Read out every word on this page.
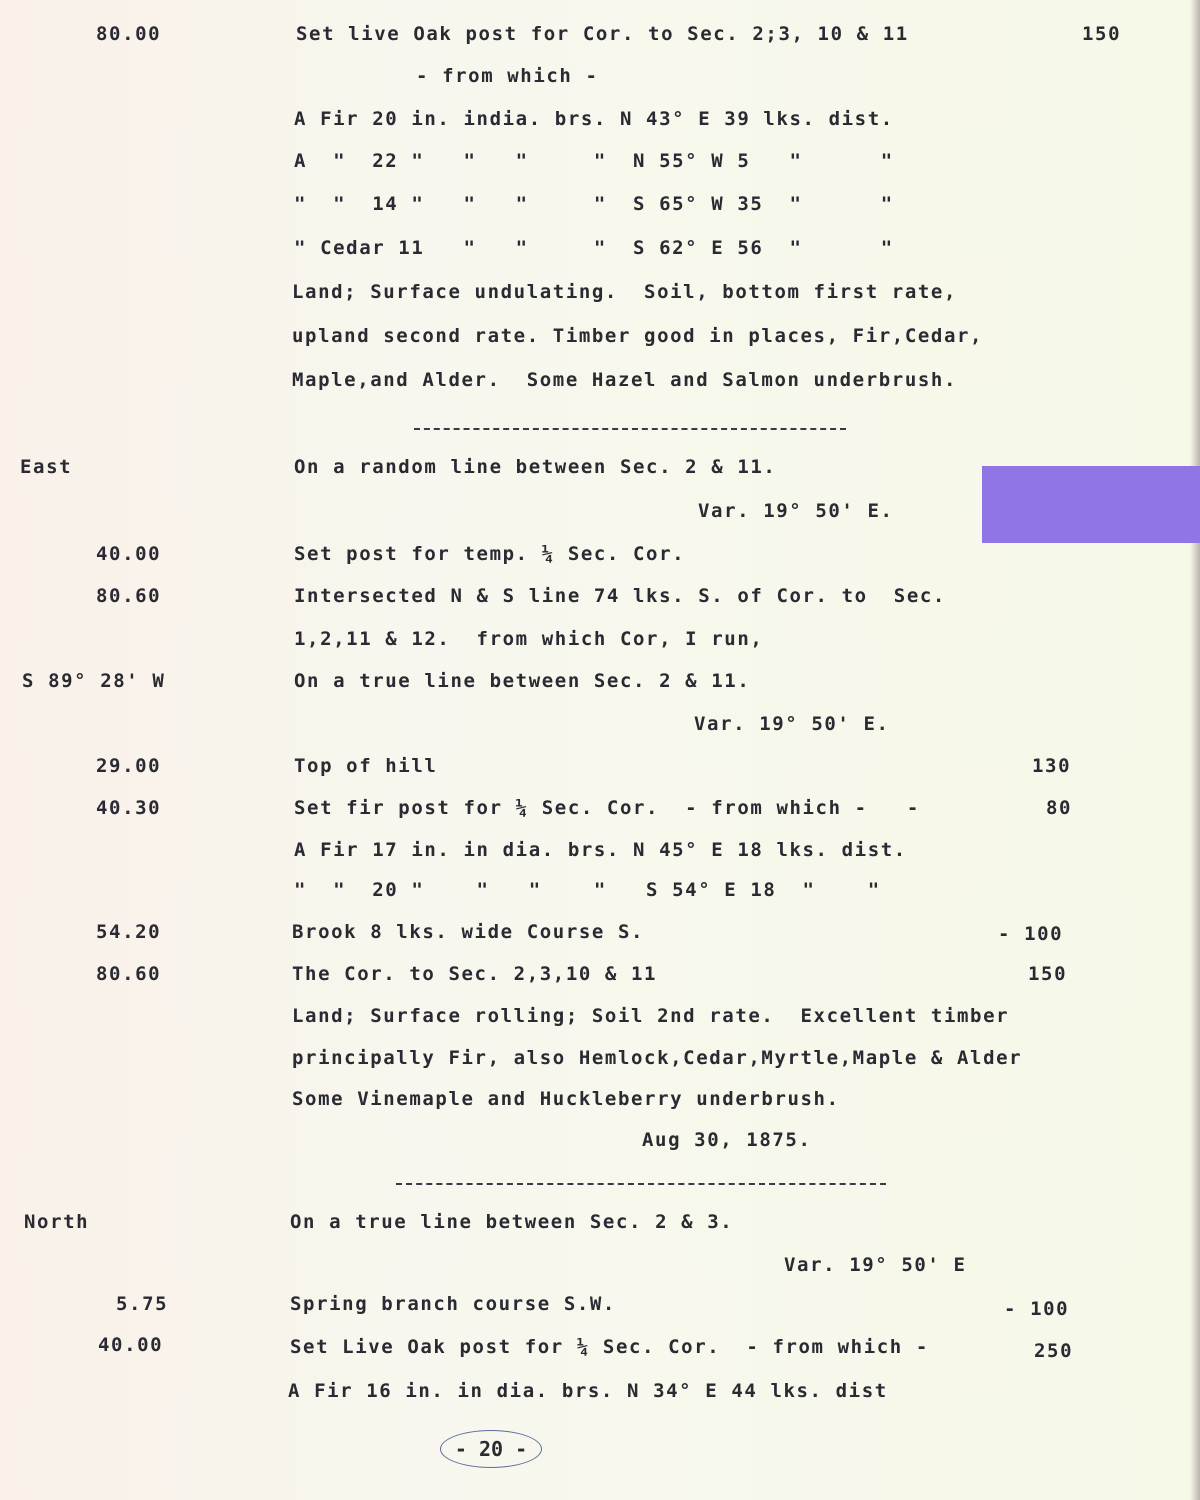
80.00	Set live Oak post for Cor. to Sec. 2;3, 10 & 11	150
- from which -
A Fir 20 in. india. brs. N 43° E 39 lks. dist.
A  "  22 "   "   "     "  N 55° W 5   "      "
"  "  14 "   "   "     "  S 65° W 35  "      "
" Cedar 11   "   "     "  S 62° E 56  "      "
Land; Surface undulating.  Soil, bottom first rate,
upland second rate. Timber good in places, Fir,Cedar,
Maple,and Alder.  Some Hazel and Salmon underbrush.
East	On a random line between Sec. 2 & 11.
Var. 19° 50' E.
40.00	Set post for temp. ¼ Sec. Cor.
80.60	Intersected N & S line 74 lks. S. of Cor. to  Sec.
1,2,11 & 12.  from which Cor, I run,
S 89° 28' W	On a true line between Sec. 2 & 11.
Var. 19° 50' E.
29.00	Top of hill	130
40.30	Set fir post for ¼ Sec. Cor.  - from which -   -	80
A Fir 17 in. in dia. brs. N 45° E 18 lks. dist.
"  "  20 "    "   "    "   S 54° E 18  "    "
54.20	Brook 8 lks. wide Course S.	- 100
80.60	The Cor. to Sec. 2,3,10 & 11	150
Land; Surface rolling; Soil 2nd rate.  Excellent timber
principally Fir, also Hemlock,Cedar,Myrtle,Maple & Alder
Some Vinemaple and Huckleberry underbrush.
Aug 30, 1875.
North	On a true line between Sec. 2 & 3.
Var. 19° 50' E
5.75	Spring branch course S.W.	- 100
40.00	Set Live Oak post for ¼ Sec. Cor.  - from which -	250
A Fir 16 in. in dia. brs. N 34° E 44 lks. dist
- 20 -
